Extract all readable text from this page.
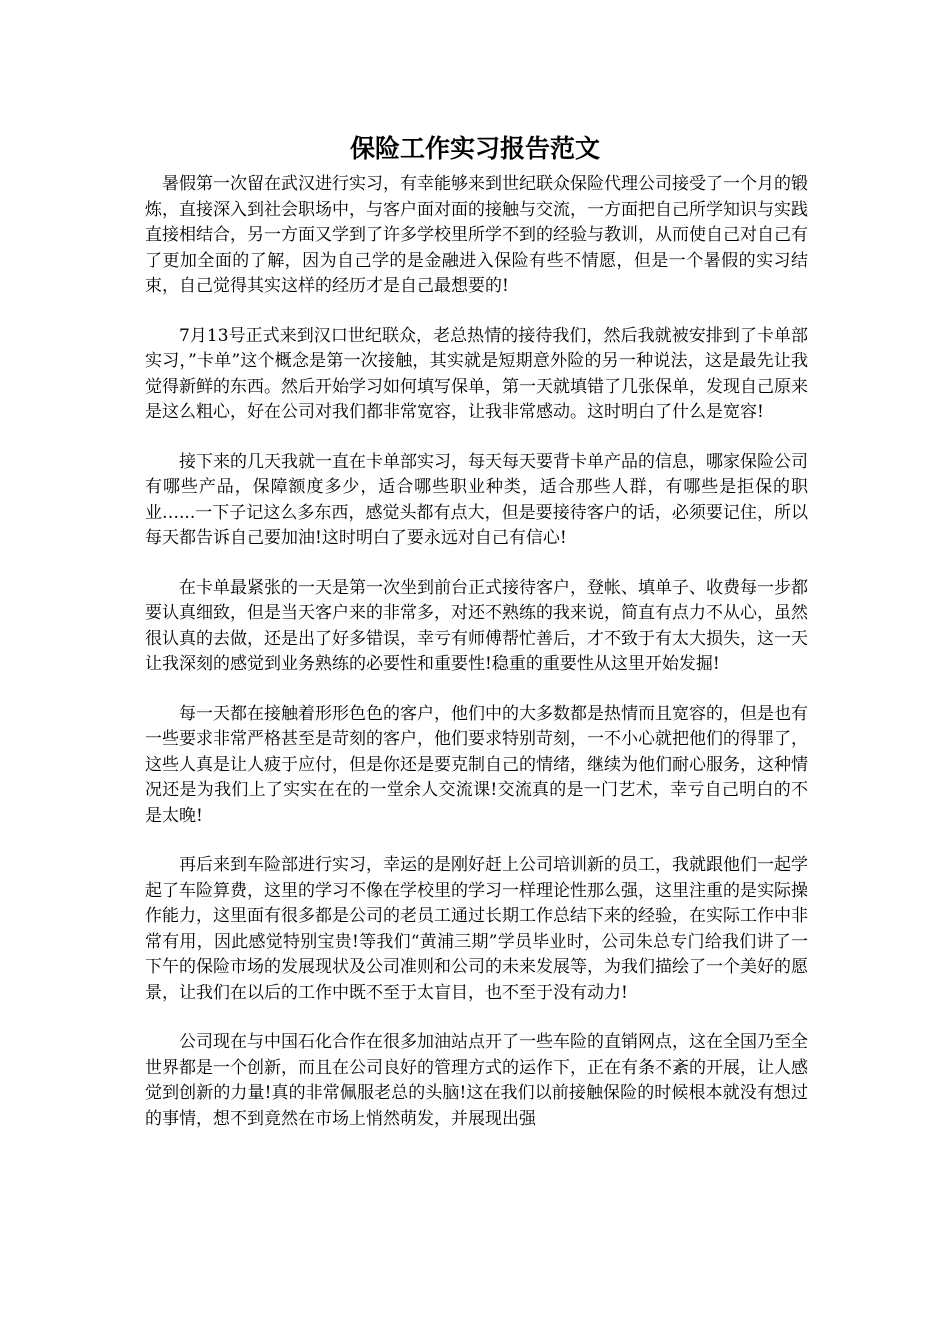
保险工作实习报告范文

暑假第一次留在武汉进行实习，有幸能够来到世纪联众保险代理公司接受了一个月的锻炼，直接深入到社会职场中，与客户面对面的接触与交流，一方面把自己所学知识与实践直接相结合，另一方面又学到了许多学校里所学不到的经验与教训，从而使自己对自己有了更加全面的了解，因为自己学的是金融进入保险有些不情愿，但是一个暑假的实习结束，自己觉得其实这样的经历才是自己最想要的!

7月13号正式来到汉口世纪联众，老总热情的接待我们，然后我就被安排到了卡单部实习，”卡单”这个概念是第一次接触，其实就是短期意外险的另一种说法，这是最先让我觉得新鲜的东西。然后开始学习如何填写保单，第一天就填错了几张保单，发现自己原来是这么粗心，好在公司对我们都非常宽容，让我非常感动。这时明白了什么是宽容!

接下来的几天我就一直在卡单部实习，每天每天要背卡单产品的信息，哪家保险公司有哪些产品，保障额度多少，适合哪些职业种类，适合那些人群，有哪些是拒保的职业…...一下子记这么多东西，感觉头都有点大，但是要接待客户的话，必须要记住，所以每天都告诉自己要加油!这时明白了要永远对自己有信心!

在卡单最紧张的一天是第一次坐到前台正式接待客户，登帐、填单子、收费每一步都要认真细致，但是当天客户来的非常多，对还不熟练的我来说，简直有点力不从心，虽然很认真的去做，还是出了好多错误，幸亏有师傅帮忙善后，才不致于有太大损失，这一天让我深刻的感觉到业务熟练的必要性和重要性!稳重的重要性从这里开始发掘!

每一天都在接触着形形色色的客户，他们中的大多数都是热情而且宽容的，但是也有一些要求非常严格甚至是苛刻的客户，他们要求特别苛刻，一不小心就把他们的得罪了，这些人真是让人疲于应付，但是你还是要克制自己的情绪，继续为他们耐心服务，这种情况还是为我们上了实实在在的一堂余人交流课!交流真的是一门艺术，幸亏自己明白的不是太晚!

再后来到车险部进行实习，幸运的是刚好赶上公司培训新的员工，我就跟他们一起学起了车险算费，这里的学习不像在学校里的学习一样理论性那么强，这里注重的是实际操作能力，这里面有很多都是公司的老员工通过长期工作总结下来的经验，在实际工作中非常有用，因此感觉特别宝贵!等我们“黄浦三期”学员毕业时，公司朱总专门给我们讲了一下午的保险市场的发展现状及公司准则和公司的未来发展等，为我们描绘了一个美好的愿景，让我们在以后的工作中既不至于太盲目，也不至于没有动力!

公司现在与中国石化合作在很多加油站点开了一些车险的直销网点，这在全国乃至全世界都是一个创新，而且在公司良好的管理方式的运作下，正在有条不紊的开展，让人感觉到创新的力量!真的非常佩服老总的头脑!这在我们以前接触保险的时候根本就没有想过的事情，想不到竟然在市场上悄然萌发，并展现出强
